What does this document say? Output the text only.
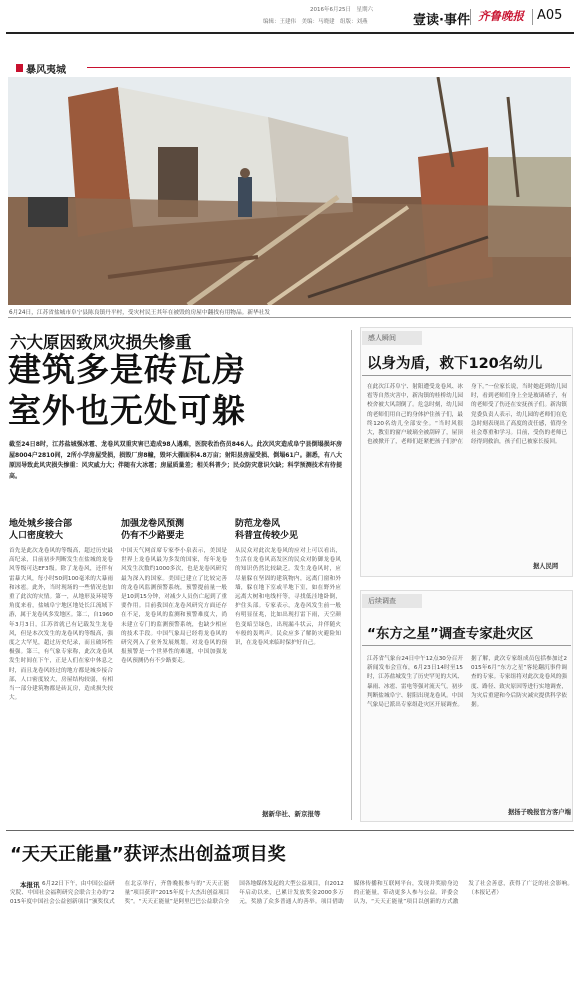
2016年6月25日　星期六
编辑：王建伟　美编：马晓建　组版：刘燕	壹读·事件 齐鲁晚报 A05
暴风夷城
6月24日，江苏省盐城市阜宁县陈良镇丹平村，受灾村民王其年在被毁的房屋中翻找有用物品。新华社发
六大原因致风灾损失惨重
建筑多是砖瓦房
室外也无处可躲
截至24日8时，江苏盐城强冰雹、龙卷风双重灾害已造成98人遇难，医院收治伤员846人。此次风灾造成阜宁县倒塌损坏房屋8004户2810间，2所小学房屋受损，损毁厂房8幢，毁坏大棚面积4.8万亩；射阳县房屋受损、倒塌61户。据悉，有八大原因导致此风灾损失惨重：风灾威力大；伴随有大冰雹；房屋质量差；相关科普少；民众防灾意识欠缺；科学预测技术有待提高。
地处城乡接合部
人口密度较大
首先是此次龙卷风的等级高，超过历史最高纪录，目前初步判断发生在盐城的龙卷风等级可达EF3级。除了龙卷风，还伴有雷暴大风，每小时50到100毫米的大暴雨和冰雹。此外，当时现场的一些情况也加重了此次的灾情。第一，从地形及环境等角度来看，盐城阜宁地区地处长江流域下游，属于龙卷风多发地区。第二，自1960年3月3日，江苏省就已有记载发生龙卷风，但是本次发生的龙卷风的等级高，强度之大罕见，超过历史纪录，而且破坏性极强。第三，有气象专家称，此次龙卷风发生时间在下午，正是人们在家中休息之时，而且龙卷风经过的地方都是城乡接合部，人口密度较大，房屋结构较弱，有相当一部分建筑物都是砖瓦房，造成损失较大。
加强龙卷风预测
仍有不少路要走
中国天气网首席专家李小泉表示，美国是世界上龙卷风最为多发的国家，每年龙卷风发生次数约1000多次，也是龙卷风研究最为深入的国家。美国已建立了比较完善的龙卷风监测预警系统，预警提前量一般是10到15分钟，对减少人员伤亡起到了重要作用。目前我国在龙卷风研究方面还存在不足，龙卷风的监测和预警难度大，尚未建立专门的监测预警系统，也缺少相应的技术手段。中国气象局已经将龙卷风的研究列入了业务发展规划。对龙卷风的预报预警是一个世界性的难题，中国加强龙卷风预测仍有不少路要走。
防范龙卷风
科普宣传较少见
从民众对此次龙卷风的应对上可以看出，生活在龙卷风高发区的民众对防御龙卷风的知识仍然比较缺乏。发生龙卷风时，应尽量躲在坚固的建筑物内，远离门窗和外墙，躲在地下室或半地下室，如在野外应远离大树和电线杆等，寻找低洼地卧倒，护住头部。专家表示，龙卷风发生前一般有明显征兆，比如出现打雷下雨，天空颜色变暗呈绿色，出现漏斗状云，并伴随火车般的轰鸣声。民众应多了解防灾避险知识，在龙卷风来临时保护好自己。
据新华社、新京报等
感人瞬间
以身为盾，救下120名幼儿
在此次江苏阜宁、射阳遭受龙卷风、冰雹等自然灾害中，新沟镇的桂桥幼儿园校舍被大风刮倒了。危急时刻，幼儿园的老师们用自己的身体护住孩子们，最终120名幼儿全部安全。“当时风很大，教室的窗户玻璃全被刮碎了，屋顶也被掀开了，老师们赶紧把孩子们护在身下。”一位家长说，当时她赶到幼儿园时，看到老师们身上全是玻璃碴子，有的老师受了伤还在安抚孩子们。新沟镇党委负责人表示，幼儿园的老师们在危急时刻表现出了高度的责任感，值得全社会尊重和学习。目前，受伤的老师已经得到救治，孩子们已被家长接回。
据人民网
后续调查
“东方之星”调查专家赴灾区
江苏省气象台24日中午12点30分召开新闻发布会宣布，6月23日14时至15时，江苏盐城发生了历史罕见的大风、暴雨、冰雹、雷电等强对流天气，初步判断盐城阜宁、射阳出现龙卷风。中国气象局已派出专家组赴灾区开展调查。据了解，此次专家组成员包括参加过2015年6月“东方之星”客轮翻沉事件调查的专家。专家组将对此次龙卷风的强度、路径、致灾原因等进行实地调查，为灾后重建和今后防灾减灾提供科学依据。
据扬子晚报官方客户端
“天天正能量”获评杰出创益项目奖
本报讯 6月22日下午，由中国公益研究院、中国社会福利研究会联合主办的“2015年度中国社会公益创新项目”颁奖仪式在北京举行，齐鲁晚报参与的“天天正能量”项目获评“2015年度十大杰出创益项目奖”。“天天正能量”是阿里巴巴公益联合全国各地媒体发起的大型公益项目，自2012年启动以来，已累计发放奖金2000多万元，奖励了众多普通人的善举。项目借助媒体传播和互联网平台，发现并奖励身边的正能量，带动更多人参与公益。评委会认为，“天天正能量”项目以创新的方式激发了社会善意，获得了广泛的社会影响。（本报记者）
